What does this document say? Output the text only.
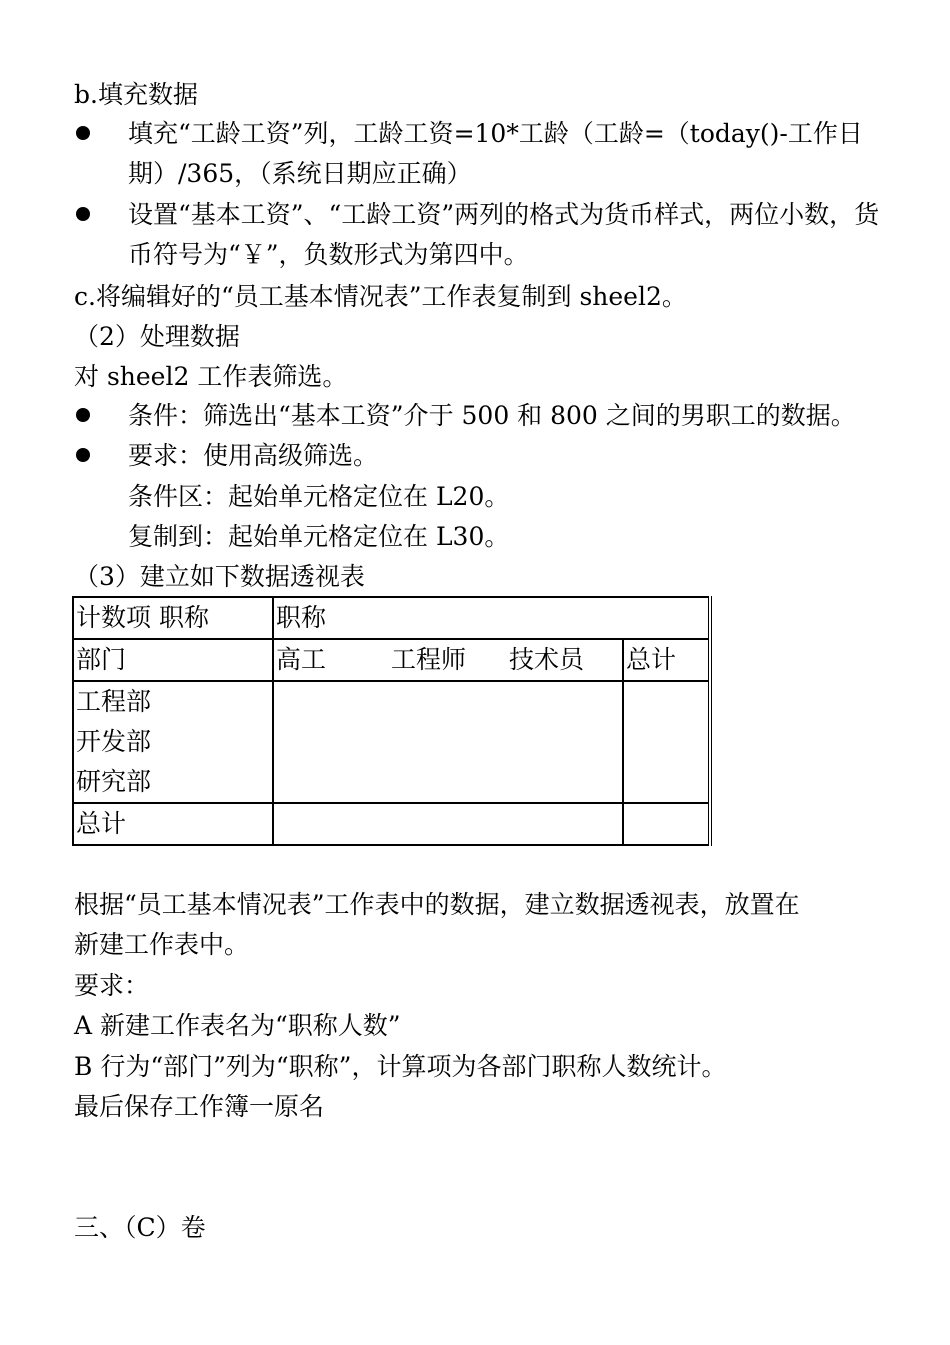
b.填充数据
填充“工龄工资”列，工龄工资=10*工龄（工龄=（today()-工作日期）/365，（系统日期应正确）
设置“基本工资”、“工龄工资”两列的格式为货币样式，两位小数，货币符号为“￥”，负数形式为第四中。
c.将编辑好的“员工基本情况表”工作表复制到 sheel2。
（2）处理数据
对 sheel2 工作表筛选。
条件：筛选出“基本工资”介于 500 和 800 之间的男职工的数据。
要求：使用高级筛选。
条件区：起始单元格定位在 L20。
复制到：起始单元格定位在 L30。
（3）建立如下数据透视表
计数项 职称	职称	
部门	高工 工程师 技术员	总计

工程部
开发部
研究部		

总计		
根据“员工基本情况表”工作表中的数据，建立数据透视表，放置在
新建工作表中。
要求：
A 新建工作表名为“职称人数”
B 行为“部门”列为“职称”，计算项为各部门职称人数统计。
最后保存工作簿一原名
三、（C）卷
